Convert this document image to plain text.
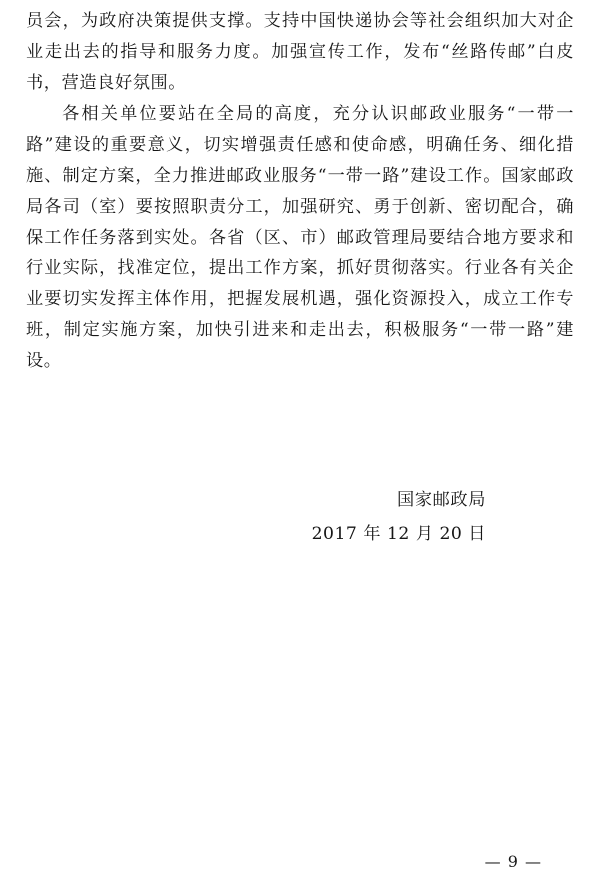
员会，为政府决策提供支撑。支持中国快递协会等社会组织加大对企业走出去的指导和服务力度。加强宣传工作，发布“丝路传邮”白皮书，营造良好氛围。

各相关单位要站在全局的高度，充分认识邮政业服务“一带一路”建设的重要意义，切实增强责任感和使命感，明确任务、细化措施、制定方案，全力推进邮政业服务“一带一路”建设工作。国家邮政局各司（室）要按照职责分工，加强研究、勇于创新、密切配合，确保工作任务落到实处。各省（区、市）邮政管理局要结合地方要求和行业实际，找准定位，提出工作方案，抓好贯彻落实。行业各有关企业要切实发挥主体作用，把握发展机遇，强化资源投入，成立工作专班，制定实施方案，加快引进来和走出去，积极服务“一带一路”建设。

国家邮政局
2017 年 12 月 20 日
— 9 —
